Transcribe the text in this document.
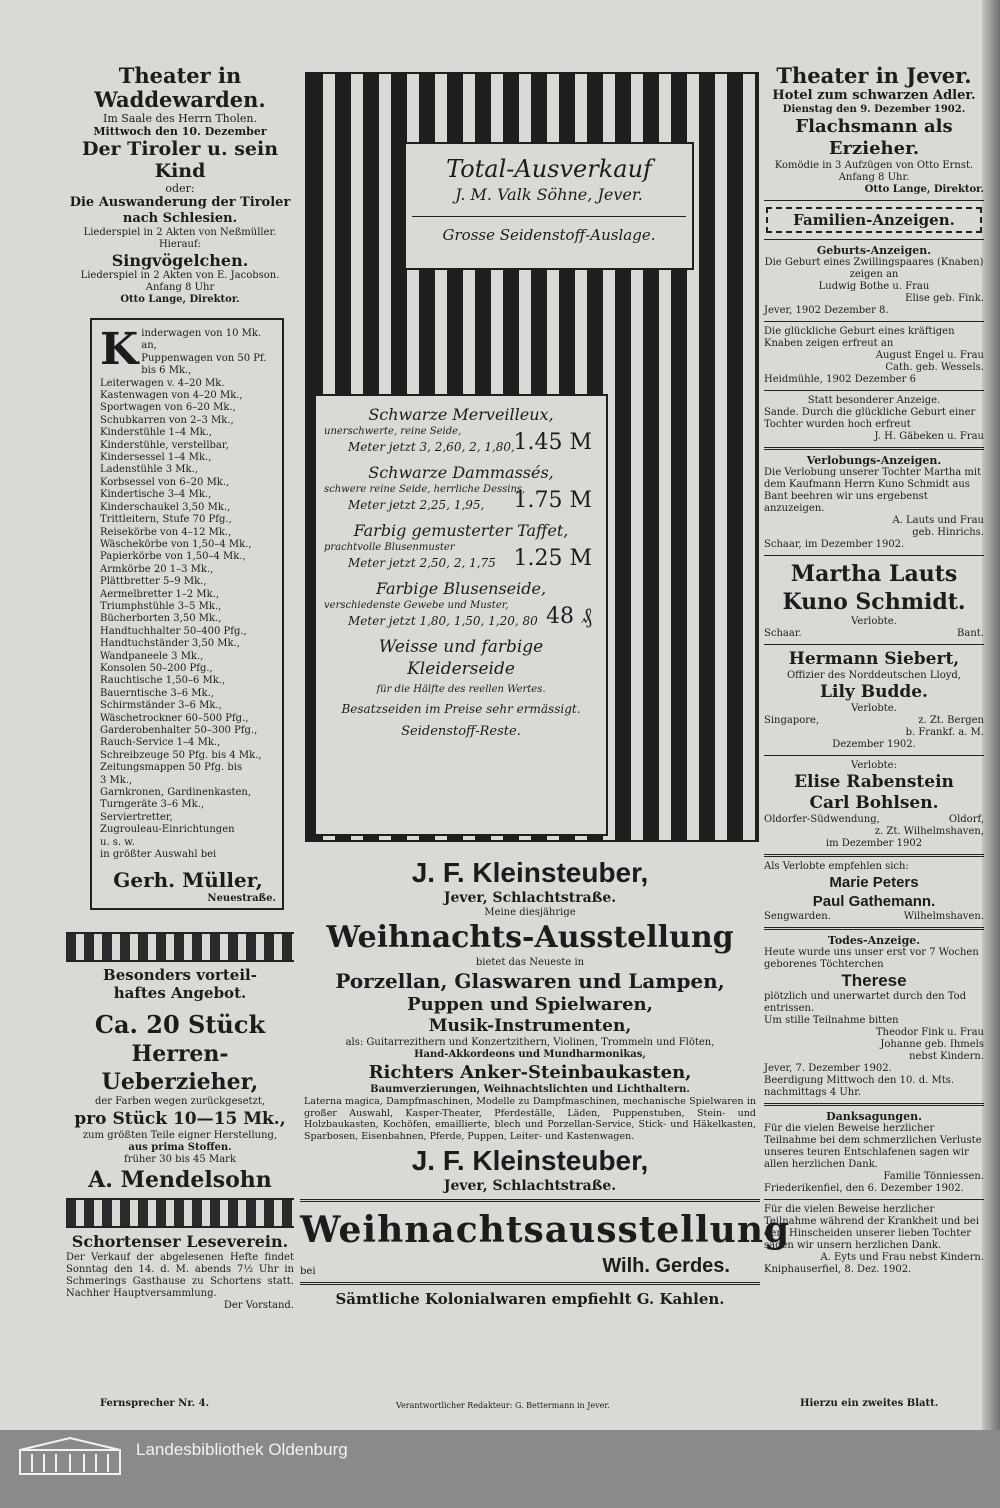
Theater in Waddewarden.
Im Saale des Herrn Tholen.
Mittwoch den 10. Dezember
Der Tiroler u. sein Kind
oder:
Die Auswanderung der Tiroler
nach Schlesien.
Liederspiel in 2 Akten von Neßmüller.
Hierauf:
Singvögelchen.
Liederspiel in 2 Akten von E. Jacobson.
Anfang 8 Uhr
Otto Lange, Direktor.
K inderwagen von 10 Mk. an,
Puppenwagen von 50 Pf.
bis 6 Mk.,
Leiterwagen v. 4–20 Mk.
Kastenwagen von 4–20 Mk.,
Sportwagen von 6–20 Mk.,
Schubkarren von 2–3 Mk.,
Kinderstühle 1–4 Mk.,
Kinderstühle, verstellbar,
Kindersessel 1–4 Mk.,
Ladenstühle 3 Mk.,
Korbsessel von 6–20 Mk.,
Kindertische 3–4 Mk.,
Kinderschaukel 3,50 Mk.,
Trittleitern, Stufe 70 Pfg.,
Reisekörbe von 4–12 Mk.,
Wäschekörbe von 1,50–4 Mk.,
Papierkörbe von 1,50–4 Mk.,
Armkörbe 20 1–3 Mk.,
Plättbretter 5–9 Mk.,
Aermelbretter 1–2 Mk.,
Triumphstühle 3–5 Mk.,
Bücherborten 3,50 Mk.,
Handtuchhalter 50–400 Pfg.,
Handtuchständer 3,50 Mk.,
Wandpaneele 3 Mk.,
Konsolen 50–200 Pfg.,
Rauchtische 1,50–6 Mk.,
Bauerntische 3–6 Mk.,
Schirmständer 3–6 Mk.,
Wäschetrockner 60–500 Pfg.,
Garderobenhalter 50–300 Pfg.,
Rauch-Service 1–4 Mk.,
Schreibzeuge 50 Pfg. bis 4 Mk.,
Zeitungsmappen 50 Pfg. bis
3 Mk.,
Garnkronen, Gardinenkasten,
Turngeräte 3–6 Mk.,
Serviertretter,
Zugrouleau-Einrichtungen
u. s. w.
in größter Auswahl bei
Gerh. Müller,
Neuestraße.
Besonders vorteil-
haftes Angebot.
Ca. 20 Stück
Herren-Ueberzieher,
der Farben wegen zurückgesetzt,
pro Stück 10—15 Mk.,
zum größten Teile eigner Herstellung,
aus prima Stoffen.
früher 30 bis 45 Mark
A. Mendelsohn
Schortenser Leseverein.
Der Verkauf der abgelesenen Hefte findet Sonntag den 14. d. M. abends 7½ Uhr in Schmerings Gasthause zu Schortens statt. Nachher Hauptversammlung.
Der Vorstand.
Fernsprecher Nr. 4.
Total-Ausverkauf
J. M. Valk Söhne, Jever.
Grosse Seidenstoff-Auslage.
Schwarze Merveilleux,
unerschwerte, reine Seide,
Meter jetzt 3, 2,60, 2, 1,80,
1.45 M
Schwarze Dammassés,
schwere reine Seide, herrliche Dessins,
Meter jetzt 2,25, 1,95,	1.75 M
Farbig gemusterter Taffet,
prachtvolle Blusenmuster
Meter jetzt 2,50, 2, 1,75 1.25 M
Farbige Blusenseide,
verschiedenste Gewebe und Muster,
Meter jetzt 1,80, 1,50, 1,20, 80 48 ₰
Weisse und farbige
Kleiderseide
für die Hälfte des reellen Wertes.
Besatzseiden im Preise sehr ermässigt.
Seidenstoff-Reste.
J. F. Kleinsteuber,
Jever, Schlachtstraße.
Meine diesjährige
Weihnachts-Ausstellung
bietet das Neueste in
Porzellan, Glaswaren und Lampen,
Puppen und Spielwaren,
Musik-Instrumenten,
als: Guitarrezithern und Konzertzithern, Violinen, Trommeln und Flöten,
Hand-Akkordeons und Mundharmonikas,
Richters Anker-Steinbaukasten,
Baumverzierungen, Weihnachtslichten und Lichthaltern.
Laterna magica, Dampfmaschinen, Modelle zu Dampfmaschinen, mechanische Spielwaren in großer Auswahl, Kasper-Theater, Pferdeställe, Läden, Puppenstuben, Stein- und Holzbaukasten, Kochöfen, emaillierte, blech und Porzellan-Service, Stick- und Häkelkasten, Sparbosen, Eisenbahnen, Pferde, Puppen, Leiter- und Kastenwagen.
J. F. Kleinsteuber,
Jever, Schlachtstraße.
Weihnachtsausstellung
bei	Wilh. Gerdes.
Sämtliche Kolonialwaren empfiehlt G. Kahlen.
Verantwortlicher Redakteur: G. Bettermann in Jever.
Theater in Jever.
Hotel zum schwarzen Adler.
Dienstag den 9. Dezember 1902.
Flachsmann als Erzieher.
Komödie in 3 Aufzügen von Otto Ernst.
Anfang 8 Uhr.
Otto Lange, Direktor.
Familien-Anzeigen.
Geburts-Anzeigen.
Die Geburt eines Zwillingspaares (Knaben) zeigen an
Ludwig Bothe u. Frau
Elise geb. Fink.
Jever, 1902 Dezember 8.
Die glückliche Geburt eines kräftigen Knaben zeigen erfreut an
August Engel u. Frau
Cath. geb. Wessels.
Heidmühle, 1902 Dezember 6
Statt besonderer Anzeige.
Sande. Durch die glückliche Geburt einer Tochter wurden hoch erfreut
J. H. Gäbeken u. Frau
Verlobungs-Anzeigen.
Die Verlobung unserer Tochter Martha mit dem Kaufmann Herrn Kuno Schmidt aus Bant beehren wir uns ergebenst anzuzeigen.
A. Lauts und Frau
geb. Hinrichs.
Schaar, im Dezember 1902.
Martha Lauts
Kuno Schmidt.
Verlobte.
Schaar.	Bant.
Hermann Siebert,
Offizier des Norddeutschen Lloyd,
Lily Budde.
Verlobte.
Singapore,	z. Zt. Bergen
b. Frankf. a. M.
Dezember 1902.
Verlobte:
Elise Rabenstein
Carl Bohlsen.
Oldorfer-Südwendung,	Oldorf,
z. Zt. Wilhelmshaven,
im Dezember 1902
Als Verlobte empfehlen sich:
Marie Peters
Paul Gathemann.
Sengwarden.	Wilhelmshaven.
Todes-Anzeige.
Heute wurde uns unser erst vor 7 Wochen geborenes Töchterchen
Therese
plötzlich und unerwartet durch den Tod entrissen.
Um stille Teilnahme bitten
Theodor Fink u. Frau
Johanne geb. Ihmels
nebst Kindern.
Jever, 7. Dezember 1902.
Beerdigung Mittwoch den 10. d. Mts. nachmittags 4 Uhr.
Danksagungen.
Für die vielen Beweise herzlicher Teilnahme bei dem schmerzlichen Verluste unseres teuren Entschlafenen sagen wir allen herzlichen Dank.
Familie Tönniessen.
Friederikenfiel, den 6. Dezember 1902.
Für die vielen Beweise herzlicher Teilnahme während der Krankheit und bei dem Hinscheiden unserer lieben Tochter sagen wir unsern herzlichen Dank.
A. Eyts und Frau nebst Kindern.
Kniphauserfiel, 8. Dez. 1902.
Hierzu ein zweites Blatt.
Landesbibliothek Oldenburg
